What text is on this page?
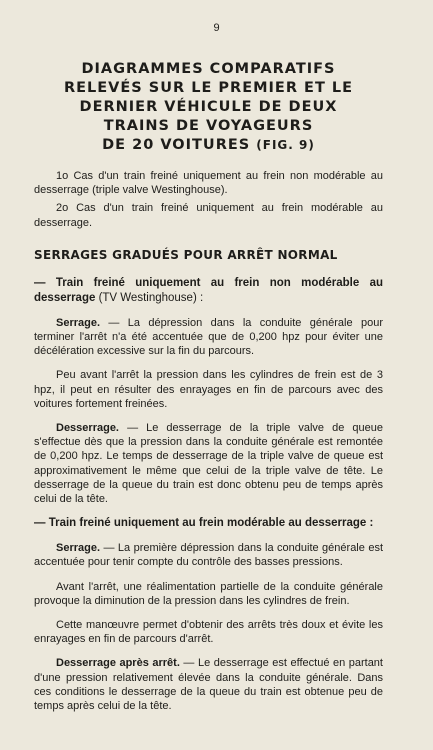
9
DIAGRAMMES COMPARATIFS
RELEVÉS SUR LE PREMIER ET LE
DERNIER VÉHICULE DE DEUX
TRAINS DE VOYAGEURS
DE 20 VOITURES (FIG. 9)

1o Cas d'un train freiné uniquement au frein non modérable au desserrage (triple valve Westinghouse).

2o Cas d'un train freiné uniquement au frein modérable au desserrage.

SERRAGES GRADUÉS POUR ARRÊT NORMAL

— Train freiné uniquement au frein non modérable au desserrage (TV Westinghouse) :

Serrage. — La dépression dans la conduite générale pour terminer l'arrêt n'a été accentuée que de 0,200 hpz pour éviter une décélération excessive sur la fin du parcours.

Peu avant l'arrêt la pression dans les cylindres de frein est de 3 hpz, il peut en résulter des enrayages en fin de parcours avec des voitures fortement freinées.

Desserrage. — Le desserrage de la triple valve de queue s'effectue dès que la pression dans la conduite générale est remontée de 0,200 hpz. Le temps de desserrage de la triple valve de queue est approximativement le même que celui de la triple valve de tête. Le desserrage de la queue du train est donc obtenu peu de temps après celui de la tête.

— Train freiné uniquement au frein modérable au desserrage :

Serrage. — La première dépression dans la conduite générale est accentuée pour tenir compte du contrôle des basses pressions.

Avant l'arrêt, une réalimentation partielle de la conduite générale provoque la diminution de la pression dans les cylindres de frein.

Cette manœuvre permet d'obtenir des arrêts très doux et évite les enrayages en fin de parcours d'arrêt.

Desserrage après arrêt. — Le desserrage est effectué en partant d'une pression relativement élevée dans la conduite générale. Dans ces conditions le desserrage de la queue du train est obtenue peu de temps après celui de la tête.
